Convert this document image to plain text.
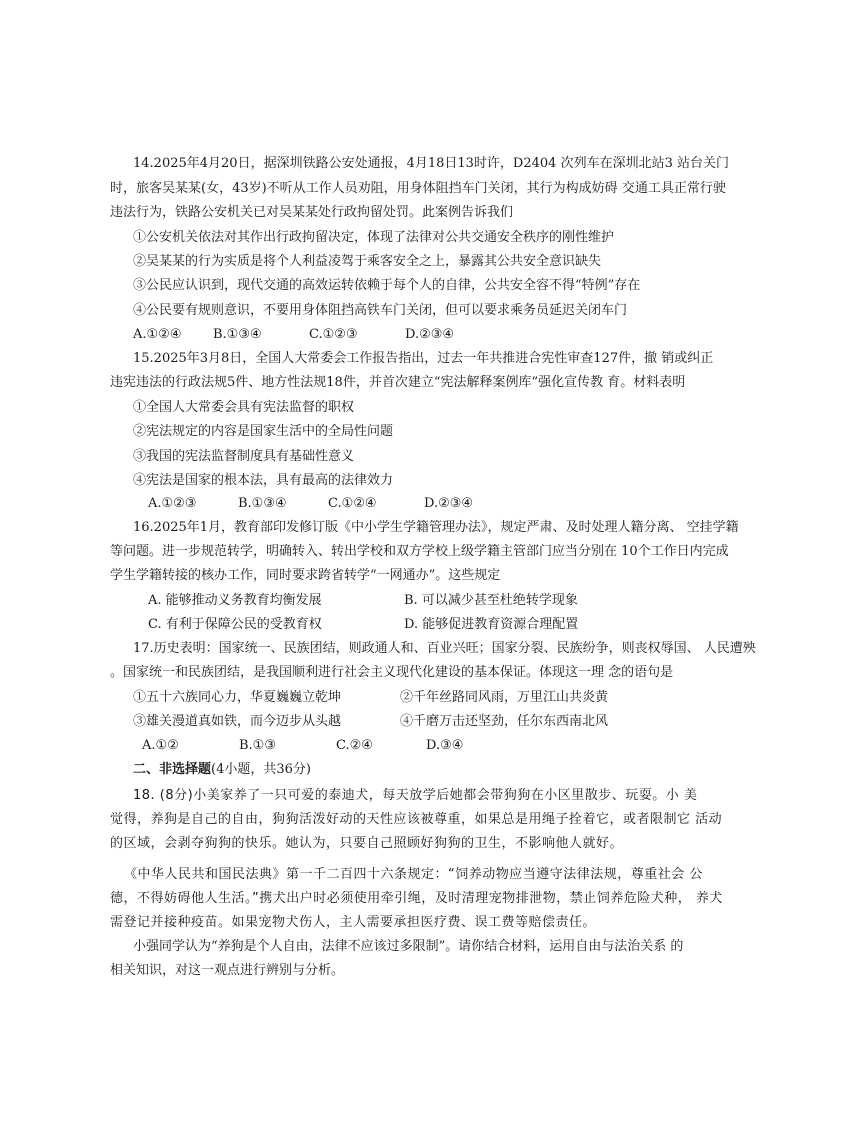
14.2025年4月20日，据深圳铁路公安处通报，4月18日13时许，D2404 次列车在深圳北站3 站台关门
时，旅客吴某某(女，43岁)不听从工作人员劝阻，用身体阻挡车门关闭，其行为构成妨碍 交通工具正常行驶
违法行为，铁路公安机关已对吴某某处行政拘留处罚。此案例告诉我们
①公安机关依法对其作出行政拘留决定，体现了法律对公共交通安全秩序的刚性维护
②吴某某的行为实质是将个人利益凌驾于乘客安全之上，暴露其公共安全意识缺失
③公民应认识到，现代交通的高效运转依赖于每个人的自律，公共安全容不得“特例”存在
④公民要有规则意识，不要用身体阻挡高铁车门关闭，但可以要求乘务员延迟关闭车门
A.①②④ B.①③④	C.①②③	D.②③④
15.2025年3月8日，全国人大常委会工作报告指出，过去一年共推进合宪性审查127件，撤 销或纠正
违宪违法的行政法规5件、地方性法规18件，并首次建立“宪法解释案例库”强化宣传教 育。材料表明
①全国人大常委会具有宪法监督的职权
②宪法规定的内容是国家生活中的全局性问题
③我国的宪法监督制度具有基础性意义
④宪法是国家的根本法，具有最高的法律效力
A.①②③	B.①③④	C.①②④	D.②③④
16.2025年1月，教育部印发修订版《中小学生学籍管理办法》，规定严肃、及时处理人籍分离、 空挂学籍
等问题。进一步规范转学，明确转入、转出学校和双方学校上级学籍主管部门应当分别在 10个工作日内完成
学生学籍转接的核办工作，同时要求跨省转学“一网通办”。这些规定
A. 能够推动义务教育均衡发展	B. 可以减少甚至杜绝转学现象
C. 有利于保障公民的受教育权	D. 能够促进教育资源合理配置
17.历史表明：国家统一、民族团结，则政通人和、百业兴旺；国家分裂、民族纷争，则丧权辱国、 人民遭殃
。国家统一和民族团结，是我国顺利进行社会主义现代化建设的基本保证。体现这一理 念的语句是
①五十六族同心力，华夏巍巍立乾坤	②千年丝路同风雨，万里江山共炎黄
③雄关漫道真如铁，而今迈步从头越	④千磨万击还坚劲，任尔东西南北风
A.①②	B.①③	C.②④	D.③④
二、非选择题(4小题，共36分)
18. (8分)小美家养了一只可爱的泰迪犬，每天放学后她都会带狗狗在小区里散步、玩耍。小 美
觉得，养狗是自己的自由，狗狗活泼好动的天性应该被尊重，如果总是用绳子拴着它，或者限制它 活动
的区域，会剥夺狗狗的快乐。她认为，只要自己照顾好狗狗的卫生，不影响他人就好。
《中华人民共和国民法典》第一千二百四十六条规定：“饲养动物应当遵守法律法规，尊重社会 公
德，不得妨碍他人生活。”携犬出户时必须使用牵引绳，及时清理宠物排泄物，禁止饲养危险犬种， 养犬
需登记并接种疫苗。如果宠物犬伤人，主人需要承担医疗费、误工费等赔偿责任。
小强同学认为“养狗是个人自由，法律不应该过多限制”。请你结合材料，运用自由与法治关系 的
相关知识，对这一观点进行辨别与分析。
